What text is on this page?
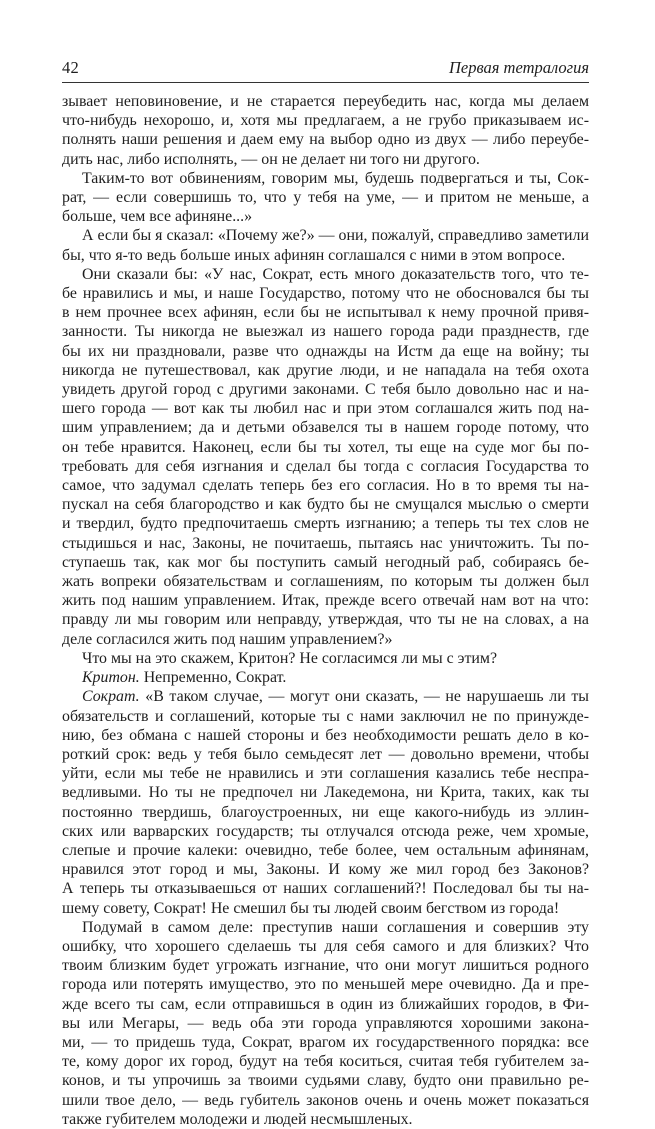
42	Первая тетралогия

зывает неповиновение, и не старается переубедить нас, когда мы делаем
что-нибудь нехорошо, и, хотя мы предлагаем, а не грубо приказываем ис-
полнять наши решения и даем ему на выбор одно из двух — либо переубе-
дить нас, либо исполнять, — он не делает ни того ни другого.

Таким-то вот обвинениям, говорим мы, будешь подвергаться и ты, Сок-
рат, — если совершишь то, что у тебя на уме, — и притом не меньше, а
больше, чем все афиняне...»

А если бы я сказал: «Почему же?» — они, пожалуй, справедливо заметили
бы, что я-то ведь больше иных афинян соглашался с ними в этом вопросе.

Они сказали бы: «У нас, Сократ, есть много доказательств того, что те-
бе нравились и мы, и наше Государство, потому что не обосновался бы ты
в нем прочнее всех афинян, если бы не испытывал к нему прочной привя-
занности. Ты никогда не выезжал из нашего города ради празднеств, где
бы их ни праздновали, разве что однажды на Истм да еще на войну; ты
никогда не путешествовал, как другие люди, и не нападала на тебя охота
увидеть другой город с другими законами. С тебя было довольно нас и на-
шего города — вот как ты любил нас и при этом соглашался жить под на-
шим управлением; да и детьми обзавелся ты в нашем городе потому, что
он тебе нравится. Наконец, если бы ты хотел, ты еще на суде мог бы по-
требовать для себя изгнания и сделал бы тогда с согласия Государства то
самое, что задумал сделать теперь без его согласия. Но в то время ты на-
пускал на себя благородство и как будто бы не смущался мыслью о смерти
и твердил, будто предпочитаешь смерть изгнанию; а теперь ты тех слов не
стыдишься и нас, Законы, не почитаешь, пытаясь нас уничтожить. Ты по-
ступаешь так, как мог бы поступить самый негодный раб, собираясь бе-
жать вопреки обязательствам и соглашениям, по которым ты должен был
жить под нашим управлением. Итак, прежде всего отвечай нам вот на что:
правду ли мы говорим или неправду, утверждая, что ты не на словах, а на
деле согласился жить под нашим управлением?»

Что мы на это скажем, Критон? Не согласимся ли мы с этим?

Критон. Непременно, Сократ.

Сократ. «В таком случае, — могут они сказать, — не нарушаешь ли ты
обязательств и соглашений, которые ты с нами заключил не по принужде-
нию, без обмана с нашей стороны и без необходимости решать дело в ко-
роткий срок: ведь у тебя было семьдесят лет — довольно времени, чтобы
уйти, если мы тебе не нравились и эти соглашения казались тебе неспра-
ведливыми. Но ты не предпочел ни Лакедемона, ни Крита, таких, как ты
постоянно твердишь, благоустроенных, ни еще какого-нибудь из эллин-
ских или варварских государств; ты отлучался отсюда реже, чем хромые,
слепые и прочие калеки: очевидно, тебе более, чем остальным афинянам,
нравился этот город и мы, Законы. И кому же мил город без Законов?
А теперь ты отказываешься от наших соглашений?! Последовал бы ты на-
шему совету, Сократ! Не смешил бы ты людей своим бегством из города!

Подумай в самом деле: преступив наши соглашения и совершив эту
ошибку, что хорошего сделаешь ты для себя самого и для близких? Что
твоим близким будет угрожать изгнание, что они могут лишиться родного
города или потерять имущество, это по меньшей мере очевидно. Да и пре-
жде всего ты сам, если отправишься в один из ближайших городов, в Фи-
вы или Мегары, — ведь оба эти города управляются хорошими закона-
ми, — то придешь туда, Сократ, врагом их государственного порядка: все
те, кому дорог их город, будут на тебя коситься, считая тебя губителем за-
конов, и ты упрочишь за твоими судьями славу, будто они правильно ре-
шили твое дело, — ведь губитель законов очень и очень может показаться
также губителем молодежи и людей несмышленых.
